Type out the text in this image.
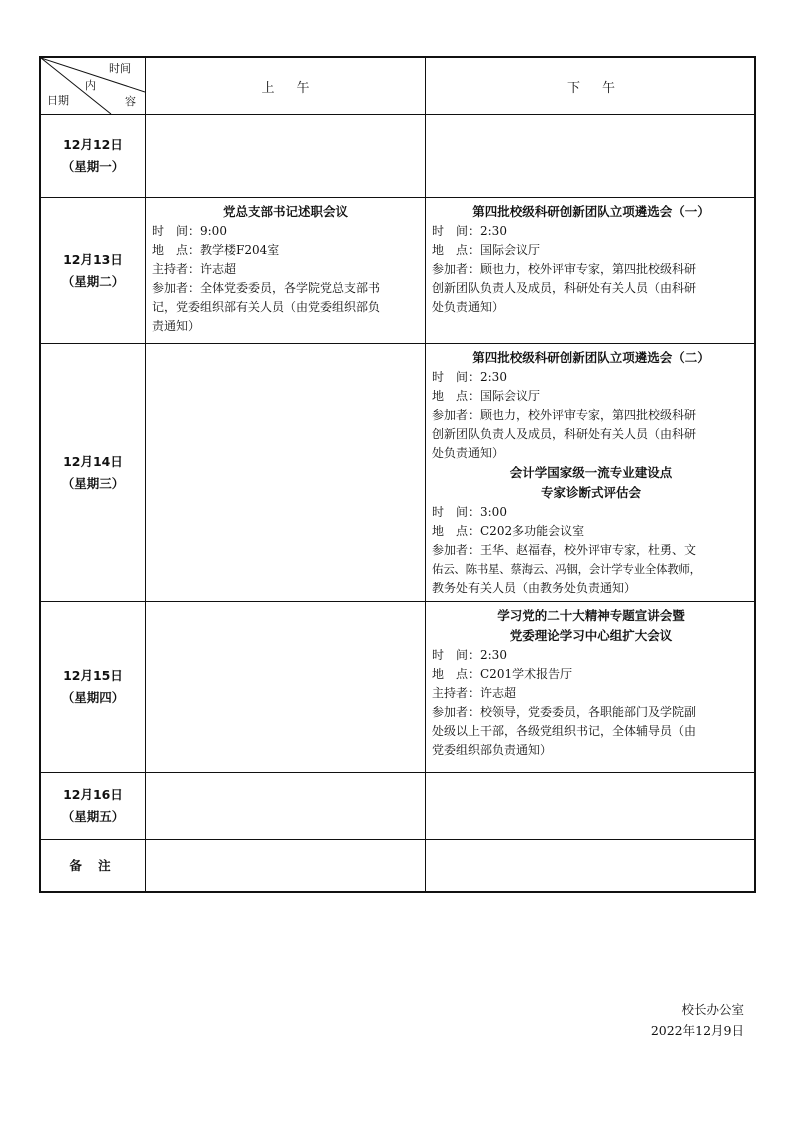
时间
内
容
日期
上午	下午
12月12日
（星期一）
12月13日
（星期二）
12月14日
（星期三）
12月15日
（星期四）
12月16日
（星期五）
备 注
党总支部书记述职会议
时　间：9:00
地　点：教学楼F204室
主持者：许志超
参加者：全体党委委员，各学院党总支部书
记，党委组织部有关人员（由党委组织部负
责通知）
第四批校级科研创新团队立项遴选会（一）
时　间：2:30
地　点：国际会议厅
参加者：顾也力，校外评审专家，第四批校级科研
创新团队负责人及成员，科研处有关人员（由科研
处负责通知）
第四批校级科研创新团队立项遴选会（二）
时　间：2:30
地　点：国际会议厅
参加者：顾也力，校外评审专家，第四批校级科研
创新团队负责人及成员，科研处有关人员（由科研
处负责通知）
会计学国家级一流专业建设点
专家诊断式评估会
时　间：3:00
地　点：C202多功能会议室
参加者：王华、赵福春，校外评审专家，杜勇、文
佑云、陈书星、蔡海云、冯铟，会计学专业全体教师，
教务处有关人员（由教务处负责通知）
学习党的二十大精神专题宣讲会暨
党委理论学习中心组扩大会议
时　间：2:30
地　点：C201学术报告厅
主持者：许志超
参加者：校领导，党委委员，各职能部门及学院副
处级以上干部，各级党组织书记，全体辅导员（由
党委组织部负责通知）
校长办公室
2022年12月9日
